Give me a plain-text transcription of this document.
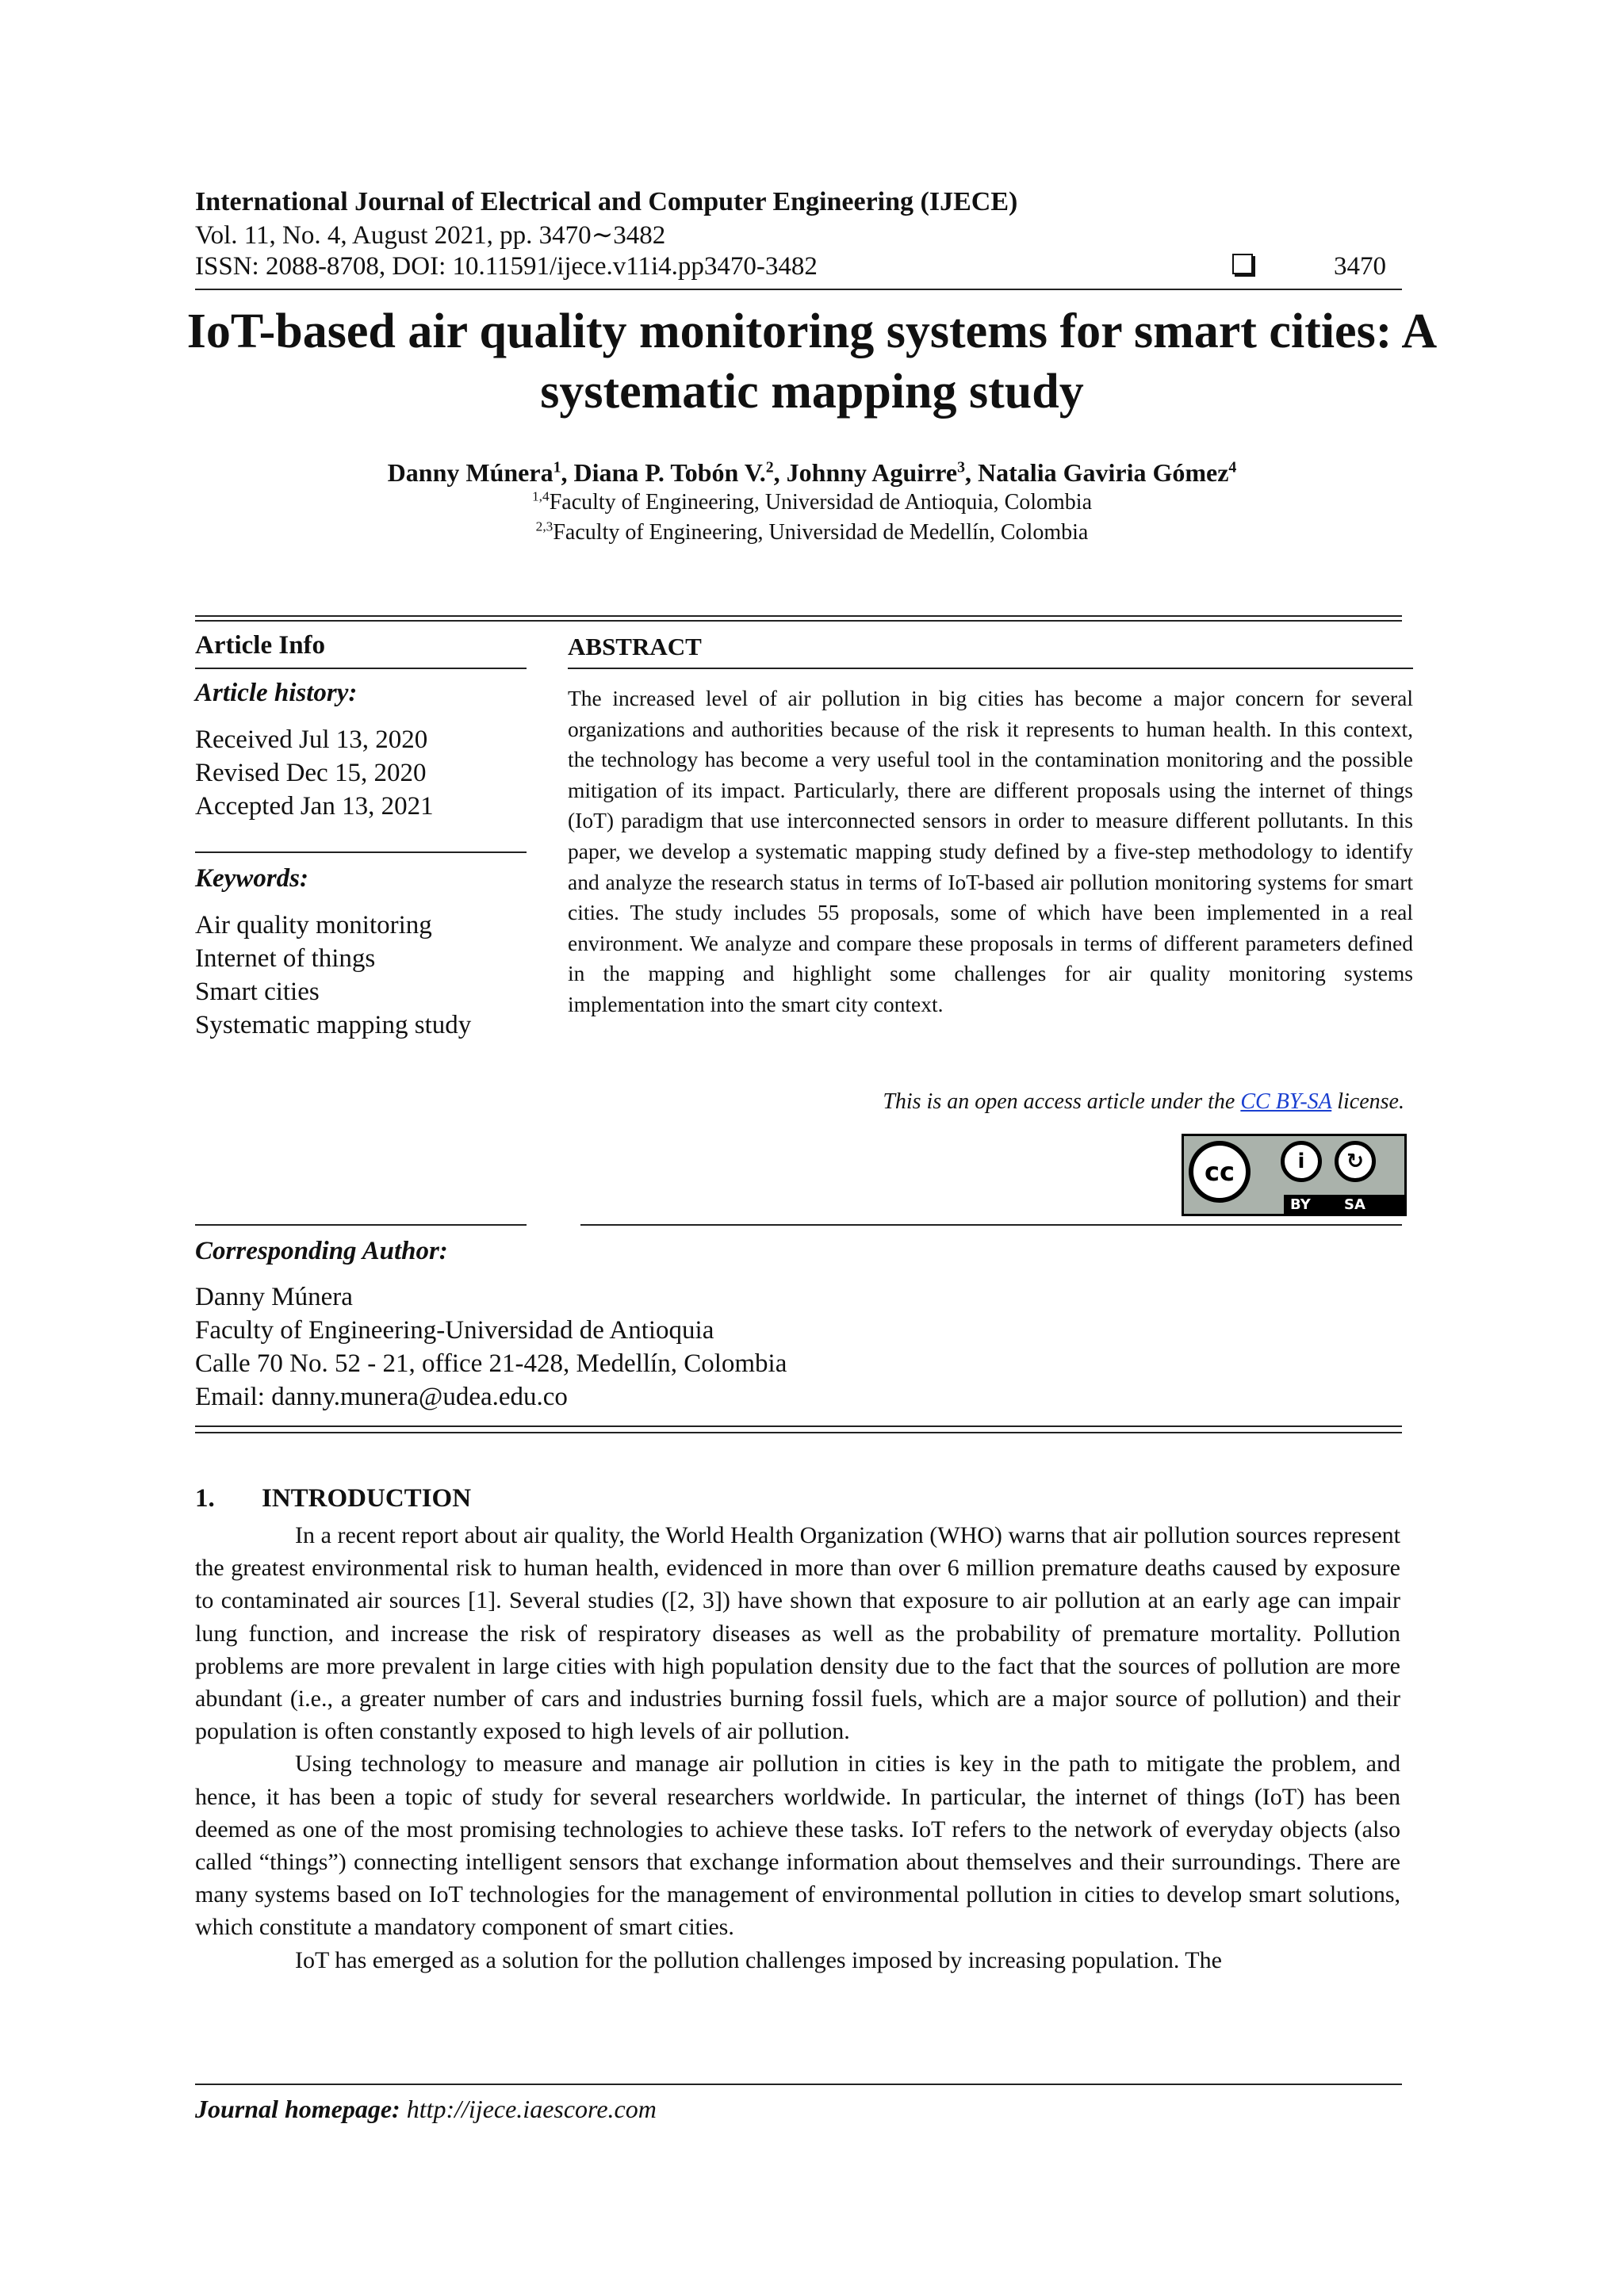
International Journal of Electrical and Computer Engineering (IJECE)
Vol. 11, No. 4, August 2021, pp. 3470∼3482
ISSN: 2088-8708, DOI: 10.11591/ijece.v11i4.pp3470-3482	3470
IoT-based air quality monitoring systems for smart cities: A
systematic mapping study
Danny Múnera$^1$, Diana P. Tobón V.$^2$, Johnny Aguirre$^3$, Natalia Gaviria Gómez$^4$
$^{1,4}$Faculty of Engineering, Universidad de Antioquia, Colombia
$^{2,3}$Faculty of Engineering, Universidad de Medellín, Colombia
Article Info
Article history:
Received Jul 13, 2020
Revised Dec 15, 2020
Accepted Jan 13, 2021
Keywords:
Air quality monitoring
Internet of things
Smart cities
Systematic mapping study
ABSTRACT
The increased level of air pollution in big cities has become a major concern for several organizations and authorities because of the risk it represents to human health. In this context, the technology has become a very useful tool in the contamination monitoring and the possible mitigation of its impact. Particularly, there are different proposals using the internet of things (IoT) paradigm that use interconnected sensors in order to measure different pollutants. In this paper, we develop a systematic mapping study defined by a five-step methodology to identify and analyze the research status in terms of IoT-based air pollution monitoring systems for smart cities. The study includes 55 proposals, some of which have been implemented in a real environment. We analyze and compare these proposals in terms of different parameters defined in the mapping and highlight some challenges for air quality monitoring systems implementation into the smart city context.
This is an open access article under the CC BY-SA license.
cc	i	↻
BY SA
Corresponding Author:
Danny Múnera
Faculty of Engineering-Universidad de Antioquia
Calle 70 No. 52 - 21, office 21-428, Medellín, Colombia
Email: danny.munera@udea.edu.co
1. INTRODUCTION

In a recent report about air quality, the World Health Organization (WHO) warns that air pollution sources represent the greatest environmental risk to human health, evidenced in more than over 6 million premature deaths caused by exposure to contaminated air sources [1]. Several studies ([2, 3]) have shown that exposure to air pollution at an early age can impair lung function, and increase the risk of respiratory diseases as well as the probability of premature mortality. Pollution problems are more prevalent in large cities with high population density due to the fact that the sources of pollution are more abundant (i.e., a greater number of cars and industries burning fossil fuels, which are a major source of pollution) and their population is often constantly exposed to high levels of air pollution.

Using technology to measure and manage air pollution in cities is key in the path to mitigate the problem, and hence, it has been a topic of study for several researchers worldwide. In particular, the internet of things (IoT) has been deemed as one of the most promising technologies to achieve these tasks. IoT refers to the network of everyday objects (also called “things”) connecting intelligent sensors that exchange information about themselves and their surroundings. There are many systems based on IoT technologies for the management of environmental pollution in cities to develop smart solutions, which constitute a mandatory component of smart cities.

IoT has emerged as a solution for the pollution challenges imposed by increasing population. The

Journal homepage: http://ijece.iaescore.com
